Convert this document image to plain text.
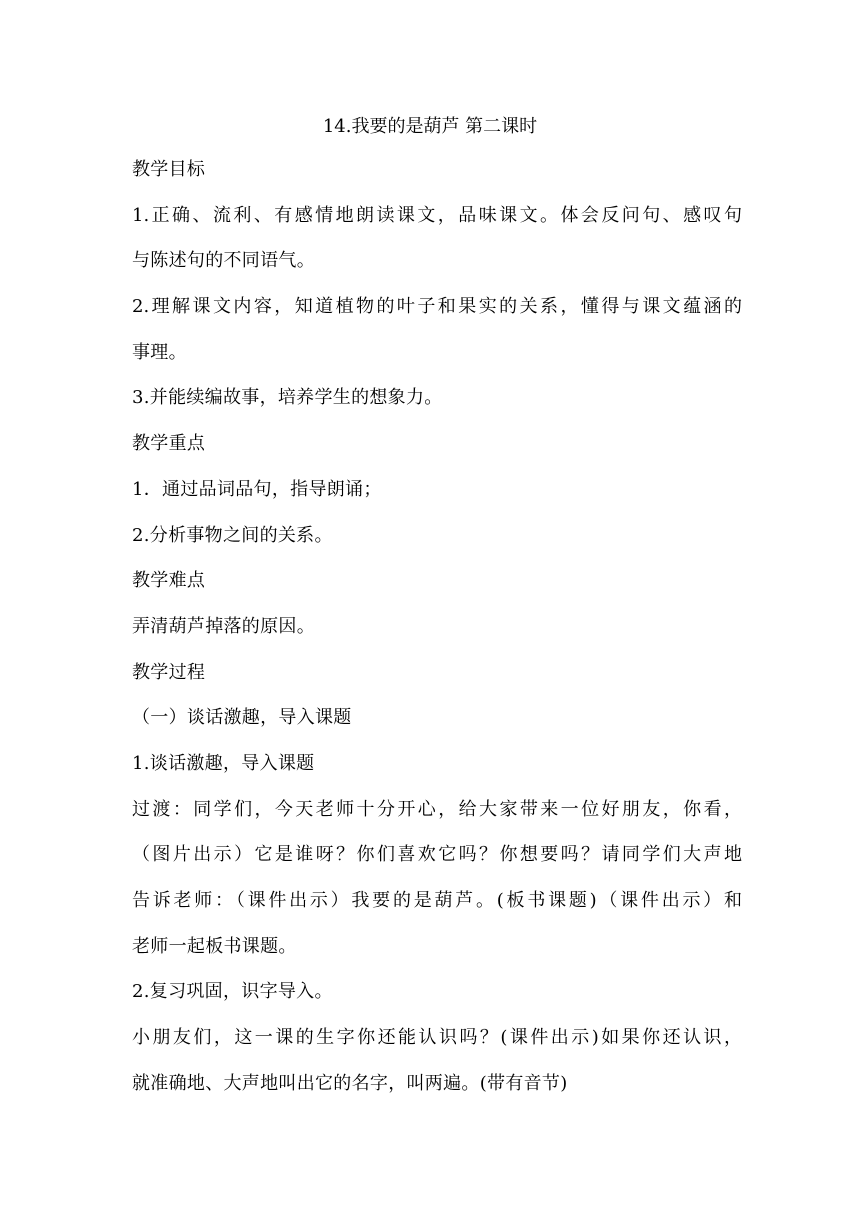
14.我要的是葫芦 第二课时
教学目标
1.正确、流利、有感情地朗读课文，品味课文。体会反问句、感叹句
与陈述句的不同语气。
2.理解课文内容，知道植物的叶子和果实的关系，懂得与课文蕴涵的
事理。
3.并能续编故事，培养学生的想象力。
教学重点
1．通过品词品句，指导朗诵；
2.分析事物之间的关系。
教学难点
弄清葫芦掉落的原因。
教学过程
（一）谈话激趣，导入课题
1.谈话激趣，导入课题
过渡：同学们，今天老师十分开心，给大家带来一位好朋友，你看，
（图片出示）它是谁呀？你们喜欢它吗？你想要吗？请同学们大声地
告诉老师：（课件出示）我要的是葫芦。(板书课题)（课件出示）和
老师一起板书课题。
2.复习巩固，识字导入。
小朋友们，这一课的生字你还能认识吗？(课件出示)如果你还认识，
就准确地、大声地叫出它的名字，叫两遍。(带有音节)
